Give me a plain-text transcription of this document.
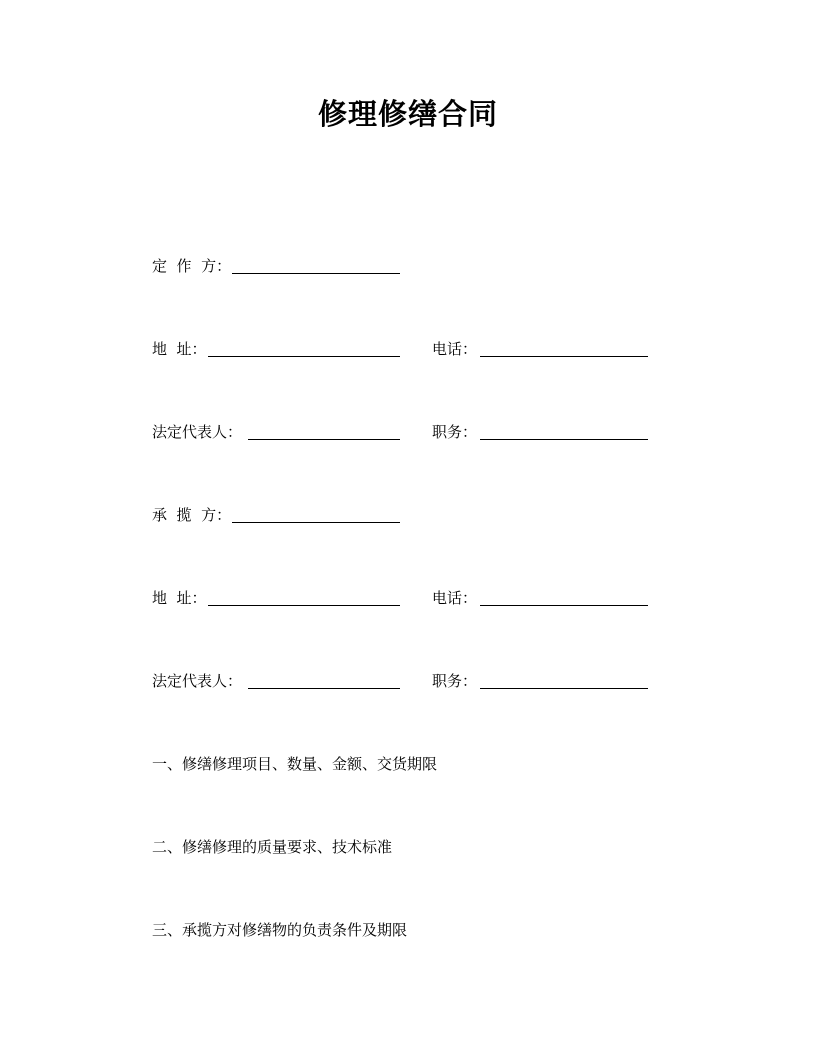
修理修缮合同
定  作  方：
地  址：	电话：
法定代表人：	职务：
承  揽  方：
地  址：	电话：
法定代表人：	职务：
一、修缮修理项目、数量、金额、交货期限
二、修缮修理的质量要求、技术标准
三、承揽方对修缮物的负责条件及期限
